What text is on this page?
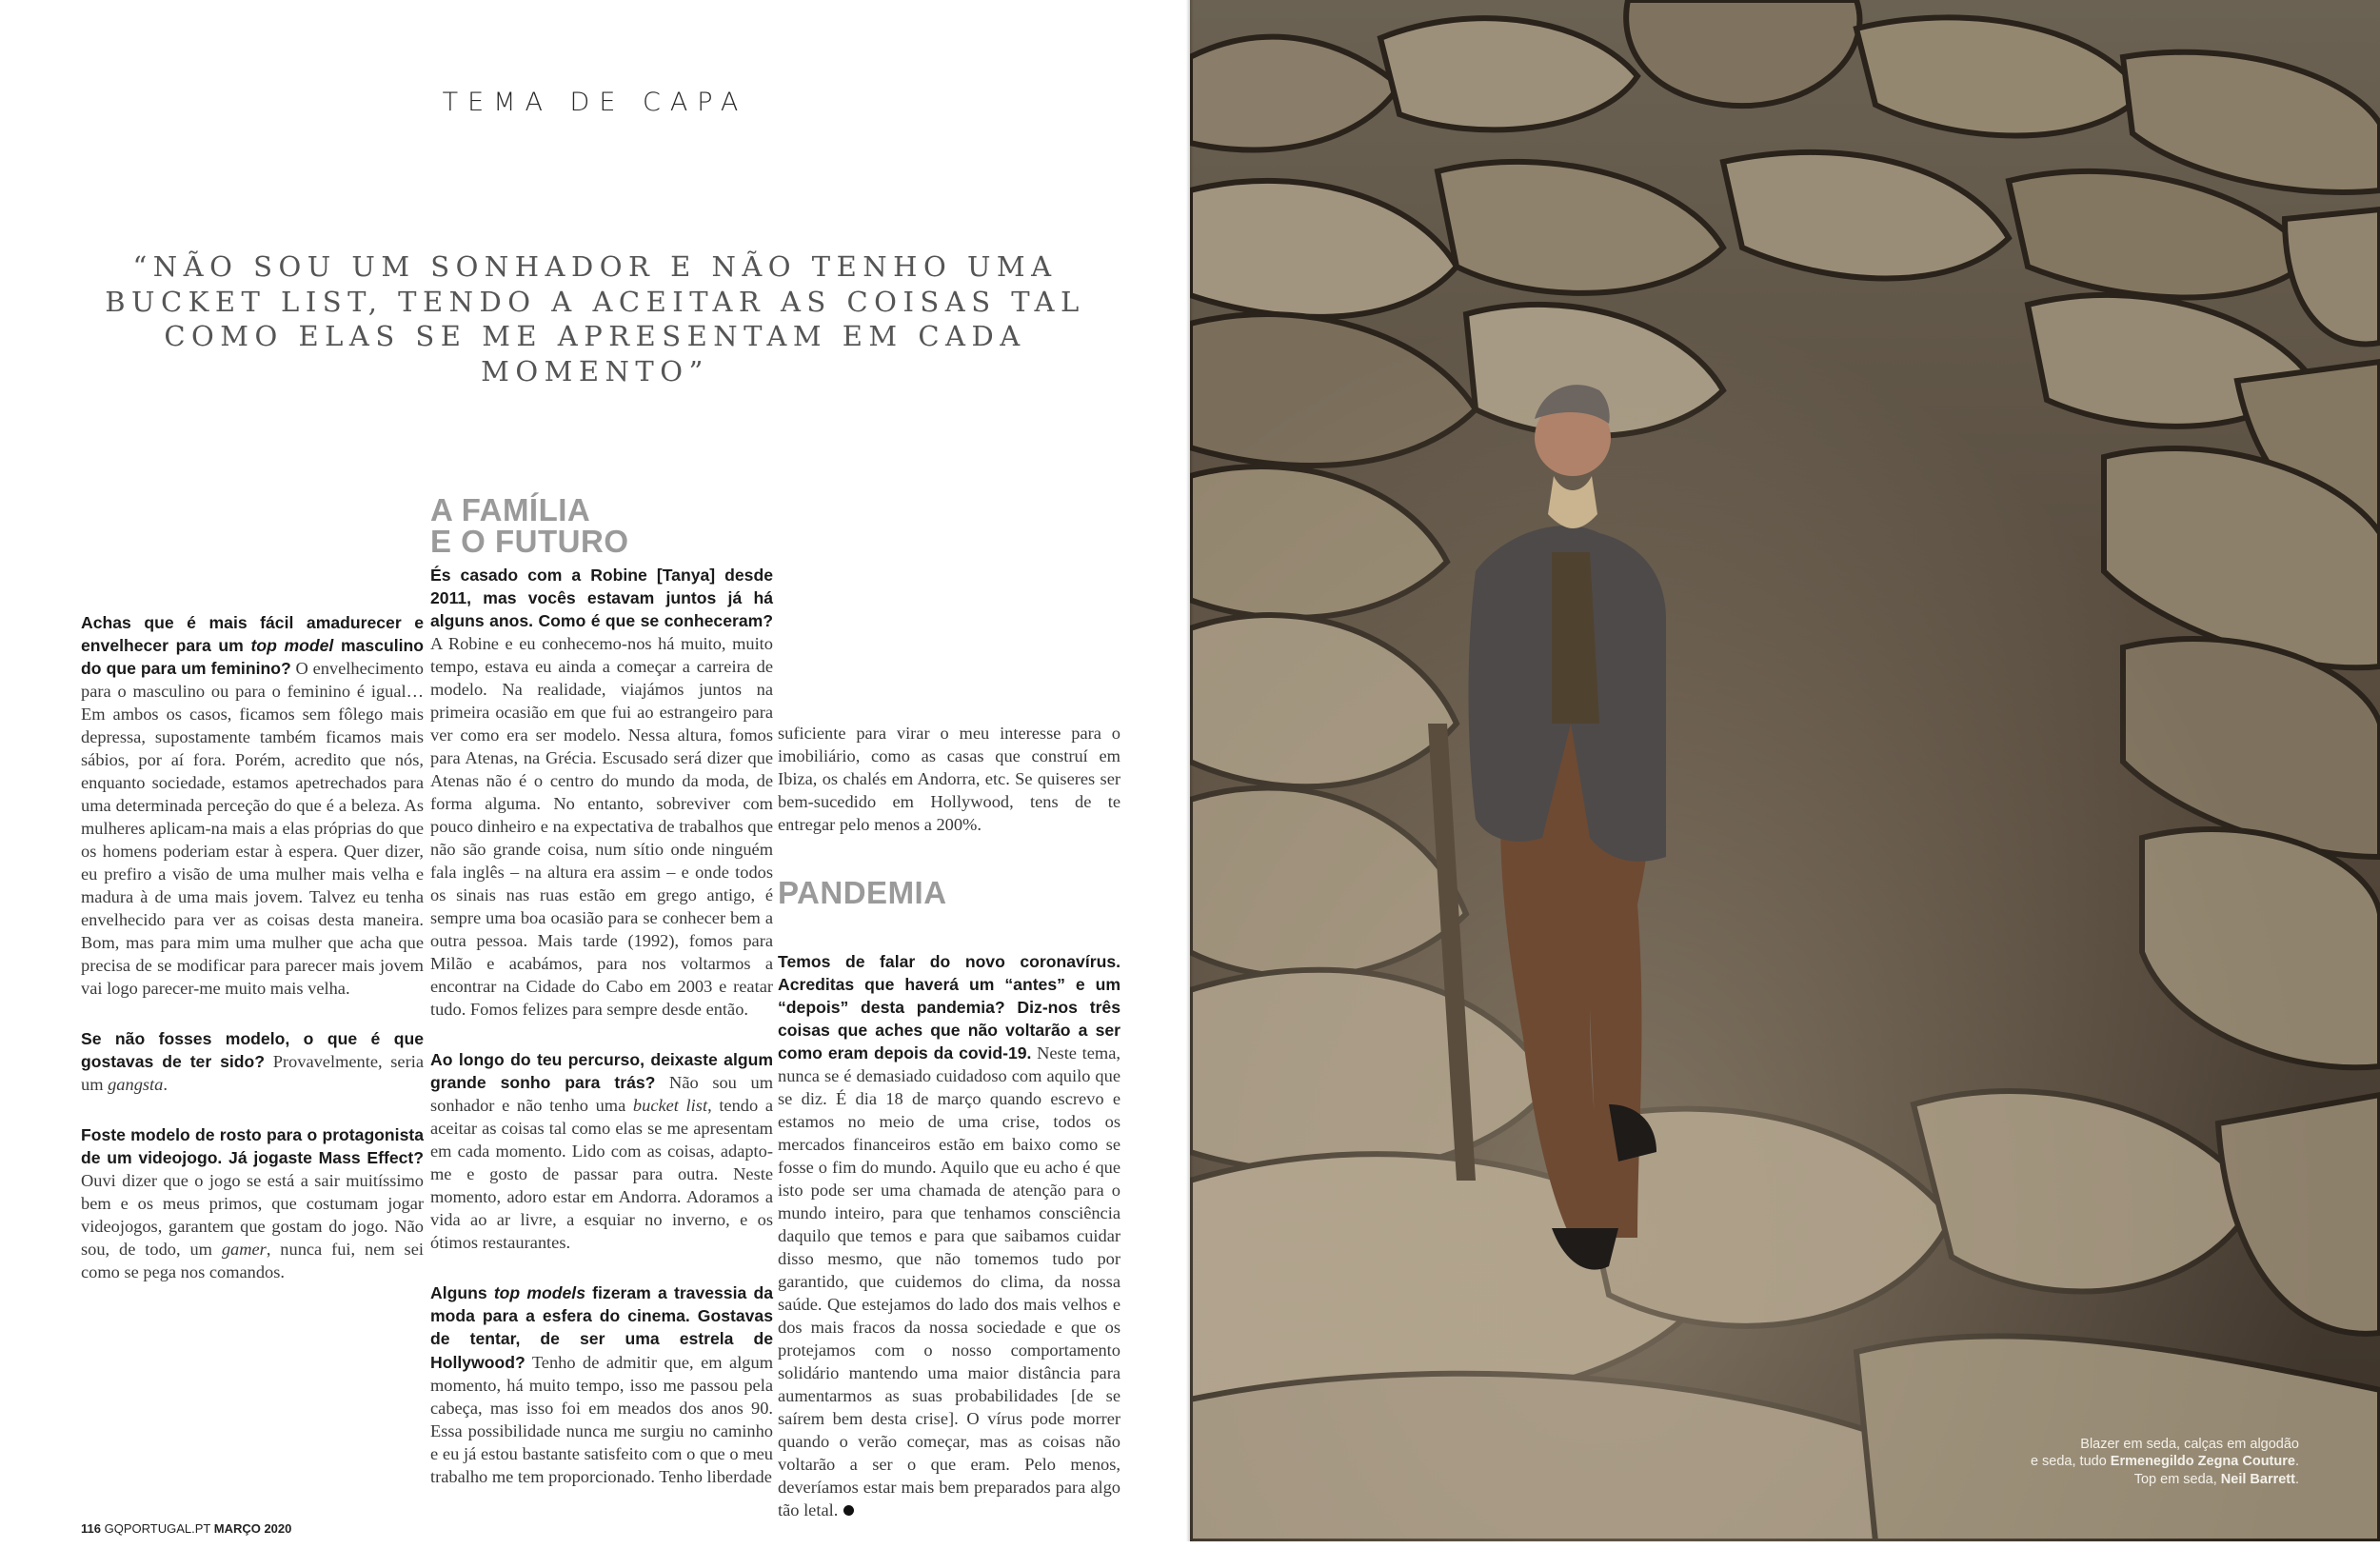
TEMA DE CAPA
“NÃO SOU UM SONHADOR E NÃO TENHO UMA BUCKET LIST, TENDO A ACEITAR AS COISAS TAL COMO ELAS SE ME APRESENTAM EM CADA MOMENTO”
A FAMÍLIA
E O FUTURO
PANDEMIA

Achas que é mais fácil amadurecer e envelhecer para um top model masculino do que para um feminino? O envelhecimento para o masculino ou para o feminino é igual… Em ambos os casos, ficamos sem fôlego mais depressa, supostamente também ficamos mais sábios, por aí fora. Porém, acredito que nós, enquanto sociedade, estamos apetrechados para uma determinada perceção do que é a beleza. As mulheres aplicam-na mais a elas próprias do que os homens poderiam estar à espera. Quer dizer, eu prefiro a visão de uma mulher mais velha e madura à de uma mais jovem. Talvez eu tenha envelhecido para ver as coisas desta maneira. Bom, mas para mim uma mulher que acha que precisa de se modificar para parecer mais jovem vai logo parecer-me muito mais velha.

Se não fosses modelo, o que é que gostavas de ter sido? Provavelmente, seria um gangsta.

Foste modelo de rosto para o protagonista de um videojogo. Já jogaste Mass Effect? Ouvi dizer que o jogo se está a sair muitíssimo bem e os meus primos, que costumam jogar videojogos, garantem que gostam do jogo. Não sou, de todo, um gamer, nunca fui, nem sei como se pega nos comandos.

És casado com a Robine [Tanya] desde 2011, mas vocês estavam juntos já há alguns anos. Como é que se conheceram? A Robine e eu conhecemo-nos há muito, muito tempo, estava eu ainda a começar a carreira de modelo. Na realidade, viajámos juntos na primeira ocasião em que fui ao estrangeiro para ver como era ser modelo. Nessa altura, fomos para Atenas, na Grécia. Escusado será dizer que Atenas não é o centro do mundo da moda, de forma alguma. No entanto, sobreviver com pouco dinheiro e na expectativa de trabalhos que não são grande coisa, num sítio onde ninguém fala inglês – na altura era assim – e onde todos os sinais nas ruas estão em grego antigo, é sempre uma boa ocasião para se conhecer bem a outra pessoa. Mais tarde (1992), fomos para Milão e acabámos, para nos voltarmos a encontrar na Cidade do Cabo em 2003 e reatar tudo. Fomos felizes para sempre desde então.

Ao longo do teu percurso, deixaste algum grande sonho para trás? Não sou um sonhador e não tenho uma bucket list, tendo a aceitar as coisas tal como elas se me apresentam em cada momento. Lido com as coisas, adapto-me e gosto de passar para outra. Neste momento, adoro estar em Andorra. Adoramos a vida ao ar livre, a esquiar no inverno, e os ótimos restaurantes.

Alguns top models fizeram a travessia da moda para a esfera do cinema. Gostavas de tentar, de ser uma estrela de Hollywood? Tenho de admitir que, em algum momento, há muito tempo, isso me passou pela cabeça, mas isso foi em meados dos anos 90. Essa possibilidade nunca me surgiu no caminho e eu já estou bastante satisfeito com o que o meu trabalho me tem proporcionado. Tenho liberdade

suficiente para virar o meu interesse para o imobiliário, como as casas que construí em Ibiza, os chalés em Andorra, etc. Se quiseres ser bem-sucedido em Hollywood, tens de te entregar pelo menos a 200%.

Temos de falar do novo coronavírus. Acreditas que haverá um “antes” e um “depois” desta pandemia? Diz-nos três coisas que aches que não voltarão a ser como eram depois da covid-19. Neste tema, nunca se é demasiado cuidadoso com aquilo que se diz. É dia 18 de março quando escrevo e estamos no meio de uma crise, todos os mercados financeiros estão em baixo como se fosse o fim do mundo. Aquilo que eu acho é que isto pode ser uma chamada de atenção para o mundo inteiro, para que tenhamos consciência daquilo que temos e para que saibamos cuidar disso mesmo, que não tomemos tudo por garantido, que cuidemos do clima, da nossa saúde. Que estejamos do lado dos mais velhos e dos mais fracos da nossa sociedade e que os protejamos com o nosso comportamento solidário mantendo uma maior distância para aumentarmos as suas probabilidades [de se saírem bem desta crise]. O vírus pode morrer quando o verão começar, mas as coisas não voltarão a ser o que eram. Pelo menos, deveríamos estar mais bem preparados para algo tão letal.

116 GQPORTUGAL.PT MARÇO 2020
Blazer em seda, calças em algodão
e seda, tudo Ermenegildo Zegna Couture.
Top em seda, Neil Barrett.
